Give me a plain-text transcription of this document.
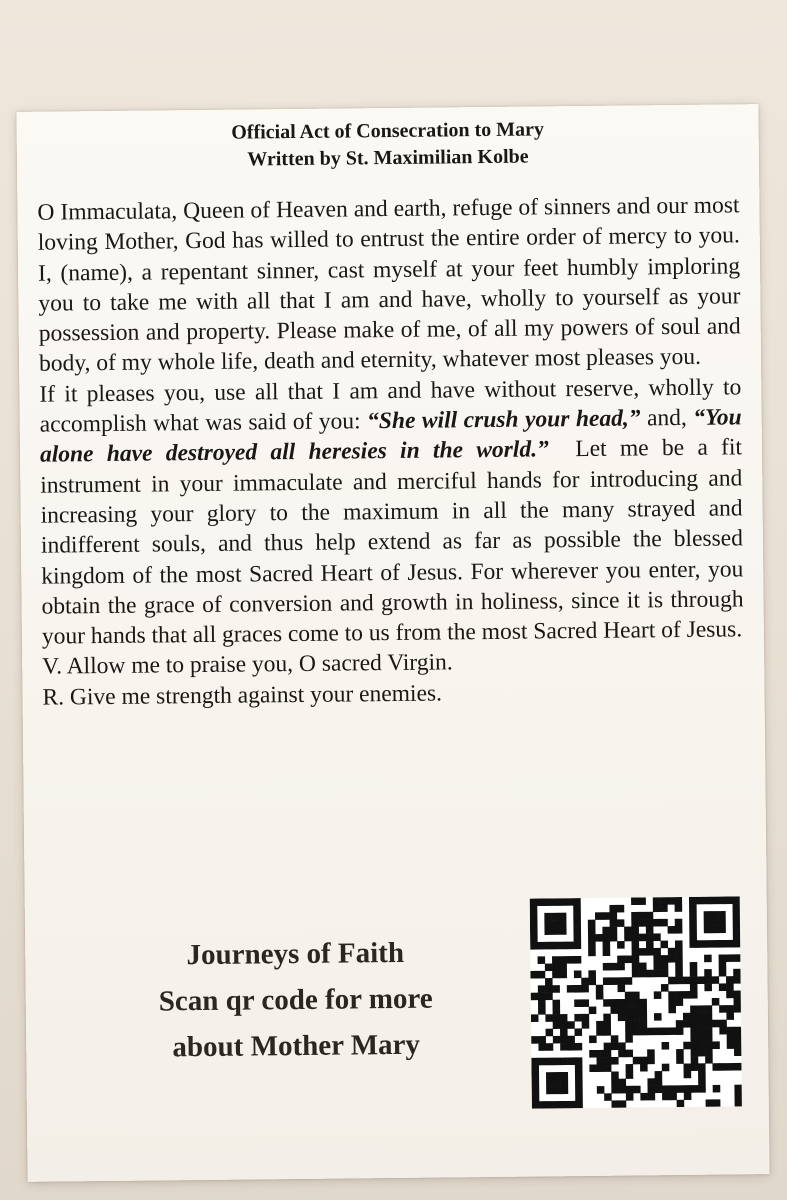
Official Act of Consecration to Mary
Written by St. Maximilian Kolbe

O Immaculata, Queen of Heaven and earth, refuge of sinners and our most loving Mother, God has willed to entrust the entire order of mercy to you. I, (name), a repentant sinner, cast myself at your feet humbly imploring you to take me with all that I am and have, wholly to yourself as your possession and property. Please make of me, of all my powers of soul and body, of my whole life, death and eternity, whatever most pleases you.

If it pleases you, use all that I am and have without reserve, wholly to accomplish what was said of you: “She will crush your head,” and, “You alone have destroyed all heresies in the world.” Let me be a fit instrument in your immaculate and merciful hands for introducing and increasing your glory to the maximum in all the many strayed and indifferent souls, and thus help extend as far as possible the blessed kingdom of the most Sacred Heart of Jesus. For wherever you enter, you obtain the grace of conversion and growth in holiness, since it is through your hands that all graces come to us from the most Sacred Heart of Jesus.

V. Allow me to praise you, O sacred Virgin.

R. Give me strength against your enemies.

Journeys of Faith
Scan qr code for more
about Mother Mary
